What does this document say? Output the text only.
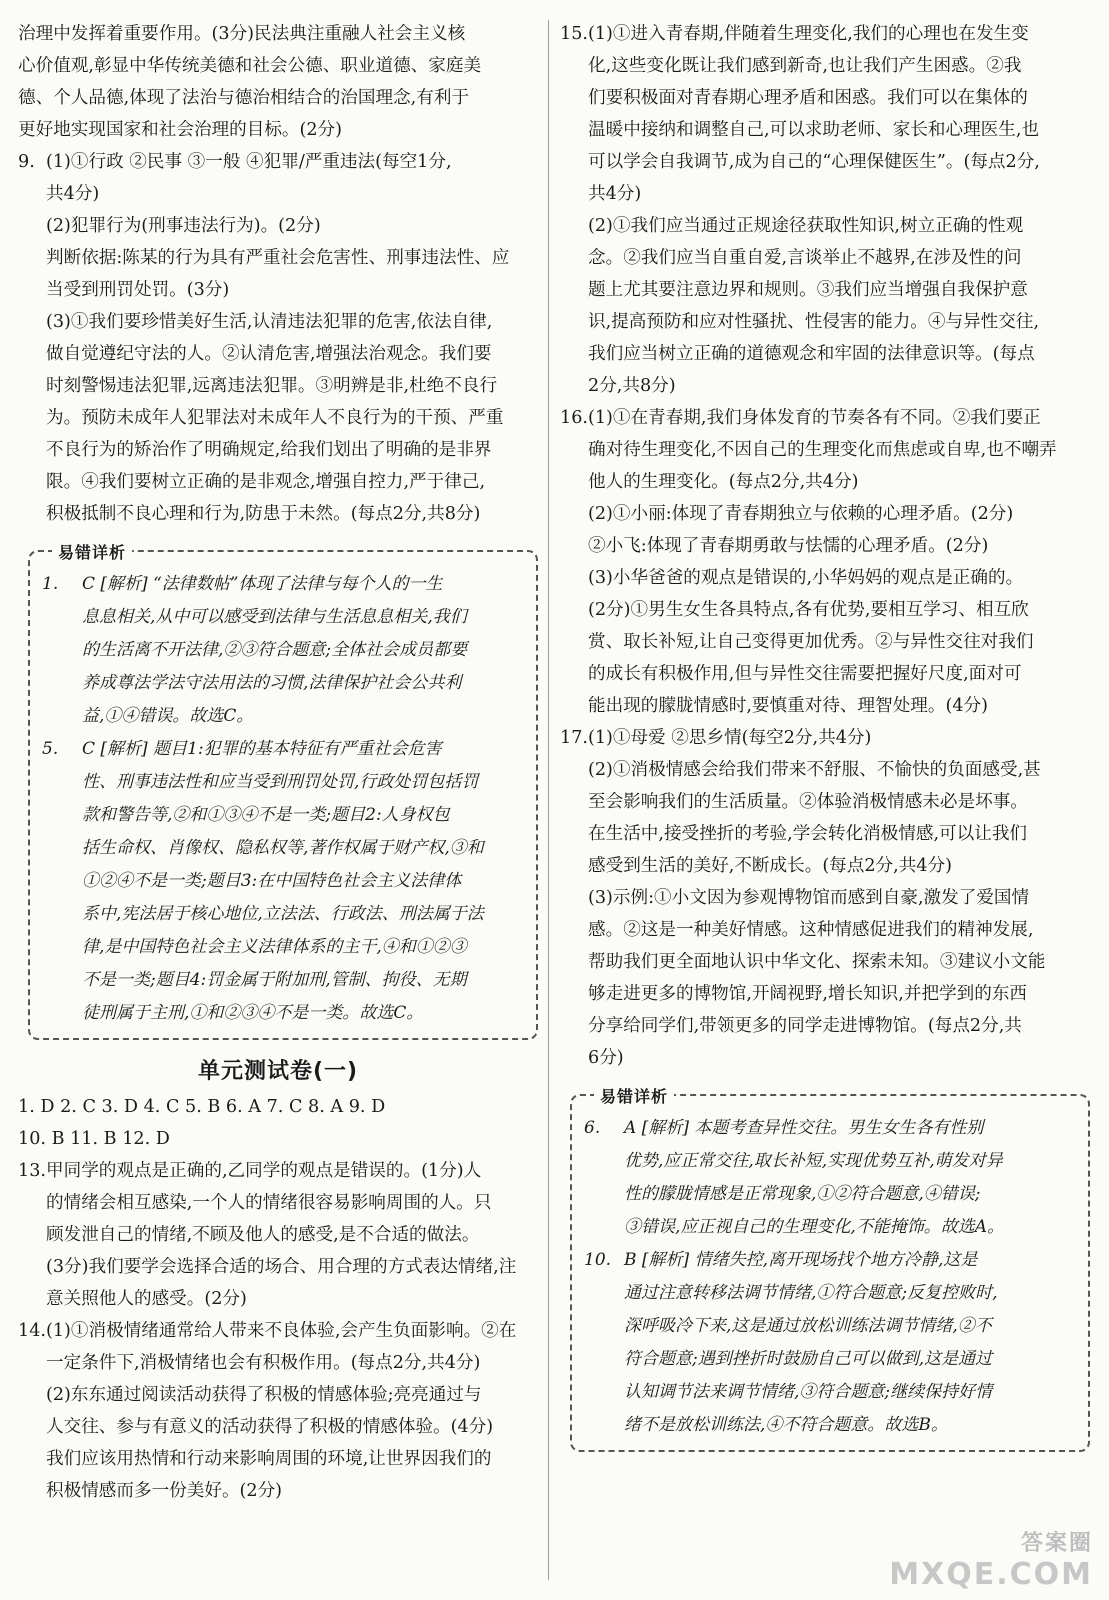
治理中发挥着重要作用。(3分)民法典注重融人社会主义核
心价值观,彰显中华传统美德和社会公德、职业道德、家庭美
德、个人品德,体现了法治与德治相结合的治国理念,有利于
更好地实现国家和社会治理的目标。(2分)
9. (1)①行政 ②民事 ③一般 ④犯罪/严重违法(每空1分,
共4分)
(2)犯罪行为(刑事违法行为)。(2分)
判断依据:陈某的行为具有严重社会危害性、刑事违法性、应
当受到刑罚处罚。(3分)
(3)①我们要珍惜美好生活,认清违法犯罪的危害,依法自律,
做自觉遵纪守法的人。②认清危害,增强法治观念。我们要
时刻警惕违法犯罪,远离违法犯罪。③明辨是非,杜绝不良行
为。预防未成年人犯罪法对未成年人不良行为的干预、严重
不良行为的矫治作了明确规定,给我们划出了明确的是非界
限。④我们要树立正确的是非观念,增强自控力,严于律己,
积极抵制不良心理和行为,防患于未然。(每点2分,共8分)
易错详析
1.	C [解析] “法律数帖”体现了法律与每个人的一生
息息相关,从中可以感受到法律与生活息息相关,我们
的生活离不开法律,②③符合题意;全体社会成员都要
养成尊法学法守法用法的习惯,法律保护社会公共利
益,①④错误。故选C。
5.	C [解析] 题目1:犯罪的基本特征有严重社会危害
性、刑事违法性和应当受到刑罚处罚,行政处罚包括罚
款和警告等,②和①③④不是一类;题目2:人身权包
括生命权、肖像权、隐私权等,著作权属于财产权,③和
①②④不是一类;题目3:在中国特色社会主义法律体
系中,宪法居于核心地位,立法法、行政法、刑法属于法
律,是中国特色社会主义法律体系的主干,④和①②③
不是一类;题目4:罚金属于附加刑,管制、拘役、无期
徒刑属于主刑,①和②③④不是一类。故选C。
单元测试卷(一)
1. D 2. C 3. D 4. C 5. B 6. A 7. C 8. A 9. D
10. B 11. B 12. D
13. 甲同学的观点是正确的,乙同学的观点是错误的。(1分)人
的情绪会相互感染,一个人的情绪很容易影响周围的人。只
顾发泄自己的情绪,不顾及他人的感受,是不合适的做法。
(3分)我们要学会选择合适的场合、用合理的方式表达情绪,注
意关照他人的感受。(2分)
14. (1)①消极情绪通常给人带来不良体验,会产生负面影响。②在
一定条件下,消极情绪也会有积极作用。(每点2分,共4分)
(2)东东通过阅读活动获得了积极的情感体验;亮亮通过与
人交往、参与有意义的活动获得了积极的情感体验。(4分)
我们应该用热情和行动来影响周围的环境,让世界因我们的
积极情感而多一份美好。(2分)
15. (1)①进入青春期,伴随着生理变化,我们的心理也在发生变
化,这些变化既让我们感到新奇,也让我们产生困惑。②我
们要积极面对青春期心理矛盾和困惑。我们可以在集体的
温暖中接纳和调整自己,可以求助老师、家长和心理医生,也
可以学会自我调节,成为自己的“心理保健医生”。(每点2分,
共4分)
(2)①我们应当通过正规途径获取性知识,树立正确的性观
念。②我们应当自重自爱,言谈举止不越界,在涉及性的问
题上尤其要注意边界和规则。③我们应当增强自我保护意
识,提高预防和应对性骚扰、性侵害的能力。④与异性交往,
我们应当树立正确的道德观念和牢固的法律意识等。(每点
2分,共8分)
16. (1)①在青春期,我们身体发育的节奏各有不同。②我们要正
确对待生理变化,不因自己的生理变化而焦虑或自卑,也不嘲弄
他人的生理变化。(每点2分,共4分)
(2)①小丽:体现了青春期独立与依赖的心理矛盾。(2分)
②小飞:体现了青春期勇敢与怯懦的心理矛盾。(2分)
(3)小华爸爸的观点是错误的,小华妈妈的观点是正确的。
(2分)①男生女生各具特点,各有优势,要相互学习、相互欣
赏、取长补短,让自己变得更加优秀。②与异性交往对我们
的成长有积极作用,但与异性交往需要把握好尺度,面对可
能出现的朦胧情感时,要慎重对待、理智处理。(4分)
17. (1)①母爱 ②思乡情(每空2分,共4分)
(2)①消极情感会给我们带来不舒服、不愉快的负面感受,甚
至会影响我们的生活质量。②体验消极情感未必是坏事。
在生活中,接受挫折的考验,学会转化消极情感,可以让我们
感受到生活的美好,不断成长。(每点2分,共4分)
(3)示例:①小文因为参观博物馆而感到自豪,激发了爱国情
感。②这是一种美好情感。这种情感促进我们的精神发展,
帮助我们更全面地认识中华文化、探索未知。③建议小文能
够走进更多的博物馆,开阔视野,增长知识,并把学到的东西
分享给同学们,带领更多的同学走进博物馆。(每点2分,共
6分)
易错详析
6.	A [解析] 本题考查异性交往。男生女生各有性别
优势,应正常交往,取长补短,实现优势互补,萌发对异
性的朦胧情感是正常现象,①②符合题意,④错误;
③错误,应正视自己的生理变化,不能掩饰。故选A。
10. B [解析] 情绪失控,离开现场找个地方冷静,这是
通过注意转移法调节情绪,①符合题意;反复控败时,
深呼吸冷下来,这是通过放松训练法调节情绪,②不
符合题意;遇到挫折时鼓励自己可以做到,这是通过
认知调节法来调节情绪,③符合题意;继续保持好情
绪不是放松训练法,④不符合题意。故选B。
答案圈
MXQE.COM
